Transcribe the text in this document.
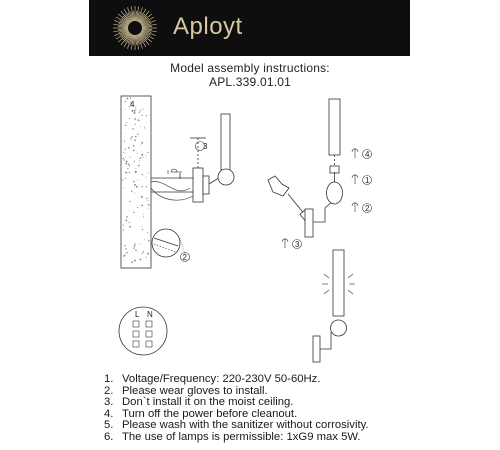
Aployt
Model assembly instructions:
APL.339.01.01
4
3
2
4
1
2
3
L N
1. Voltage/Frequency: 220-230V 50-60Hz.
2. Please wear gloves to install.
3. Don`t install it on the moist ceiling.
4. Turn off the power before cleanout.
5. Please wash with the sanitizer without corrosivity.
6. The use of lamps is permissible: 1xG9 max 5W.
